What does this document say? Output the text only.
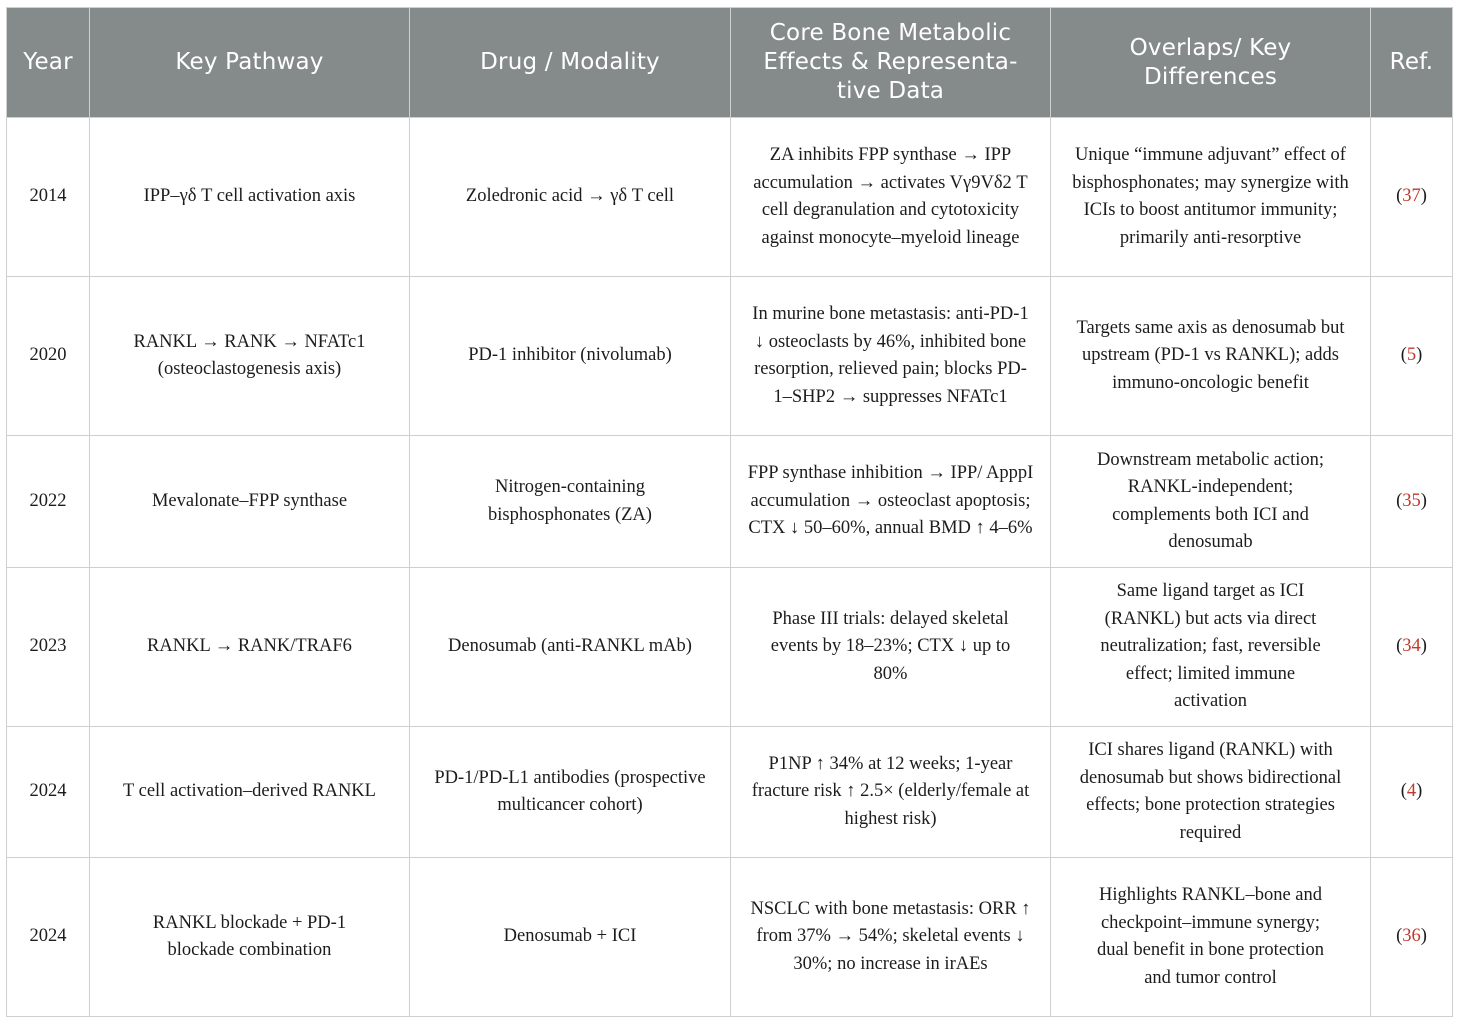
Year	Key Pathway	Drug / Modality	Core Bone Metabolic Effects & Representa-tive Data	Overlaps/ Key Differences	Ref.
2014	IPP–γδ T cell activation axis	Zoledronic acid → γδ T cell	ZA inhibits FPP synthase → IPP accumulation → activates Vγ9Vδ2 T cell degranulation and cytotoxicity against monocyte–myeloid lineage	Unique “immune adjuvant” effect of bisphosphonates; may synergize with ICIs to boost antitumor immunity; primarily anti-resorptive	(37)
2020	RANKL → RANK → NFATc1 (osteoclastogenesis axis)	PD-1 inhibitor (nivolumab)	In murine bone metastasis: anti-PD-1 ↓ osteoclasts by 46%, inhibited bone resorption, relieved pain; blocks PD-1–SHP2 → suppresses NFATc1	Targets same axis as denosumab but upstream (PD-1 vs RANKL); adds immuno-oncologic benefit	(5)
2022	Mevalonate–FPP synthase	Nitrogen-containing bisphosphonates (ZA)	FPP synthase inhibition → IPP/ ApppI accumulation → osteoclast apoptosis; CTX ↓ 50–60%, annual BMD ↑ 4–6%	Downstream metabolic action; RANKL-independent; complements both ICI and denosumab	(35)
2023	RANKL → RANK/TRAF6	Denosumab (anti-RANKL mAb)	Phase III trials: delayed skeletal events by 18–23%; CTX ↓ up to 80%	Same ligand target as ICI (RANKL) but acts via direct neutralization; fast, reversible effect; limited immune activation	(34)
2024	T cell activation–derived RANKL	PD-1/PD-L1 antibodies (prospective multicancer cohort)	P1NP ↑ 34% at 12 weeks; 1-year fracture risk ↑ 2.5× (elderly/female at highest risk)	ICI shares ligand (RANKL) with denosumab but shows bidirectional effects; bone protection strategies required	(4)
2024	RANKL blockade + PD-1 blockade combination	Denosumab + ICI	NSCLC with bone metastasis: ORR ↑ from 37% → 54%; skeletal events ↓ 30%; no increase in irAEs	Highlights RANKL–bone and checkpoint–immune synergy; dual benefit in bone protection and tumor control	(36)
